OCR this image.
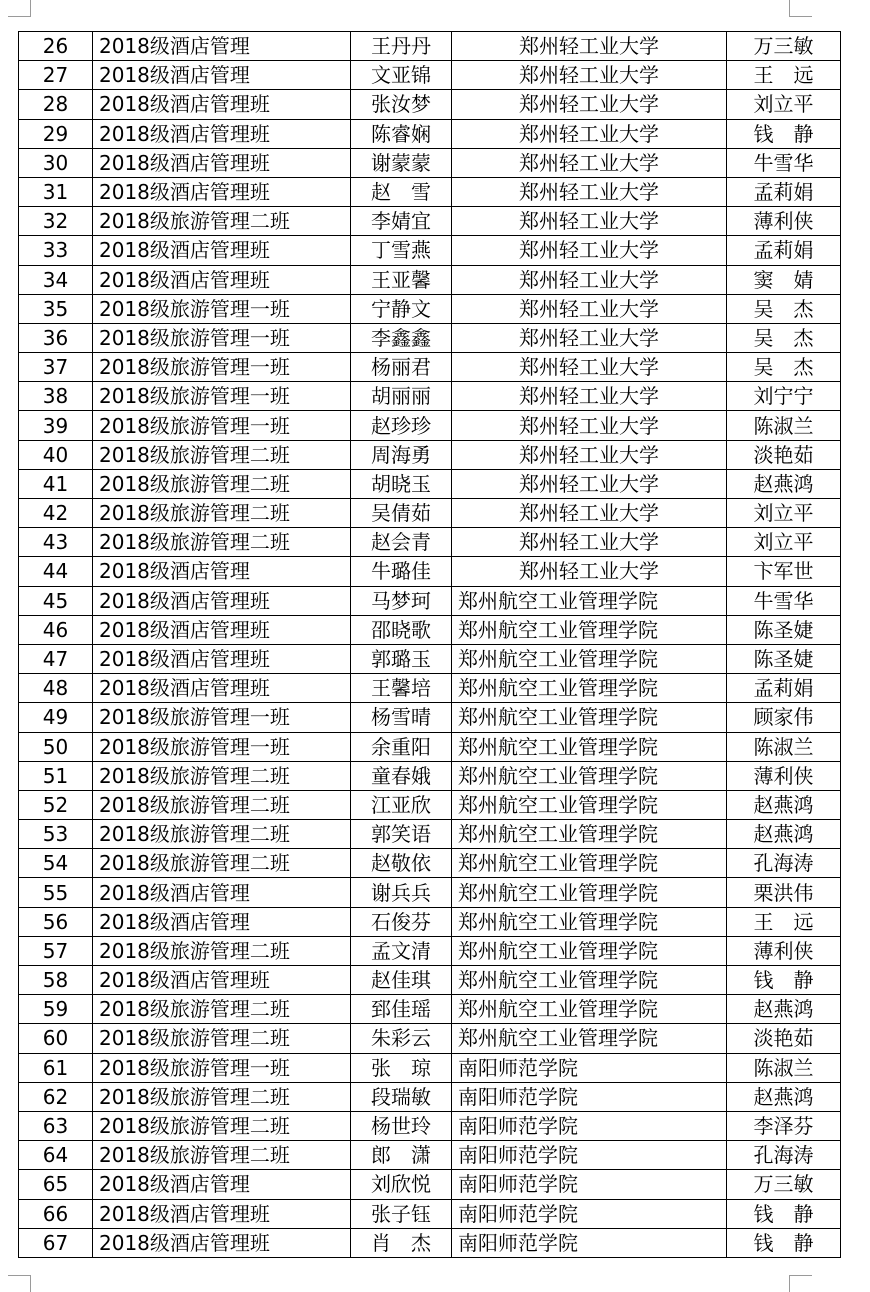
26	2018级酒店管理	王丹丹	郑州轻工业大学	万三敏
27	2018级酒店管理	文亚锦	郑州轻工业大学	王　远
28	2018级酒店管理班	张汝梦	郑州轻工业大学	刘立平
29	2018级酒店管理班	陈睿娴	郑州轻工业大学	钱　静
30	2018级酒店管理班	谢蒙蒙	郑州轻工业大学	牛雪华
31	2018级酒店管理班	赵　雪	郑州轻工业大学	孟莉娟
32	2018级旅游管理二班	李婧宜	郑州轻工业大学	薄利侠
33	2018级酒店管理班	丁雪燕	郑州轻工业大学	孟莉娟
34	2018级酒店管理班	王亚馨	郑州轻工业大学	窦　婧
35	2018级旅游管理一班	宁静文	郑州轻工业大学	吴　杰
36	2018级旅游管理一班	李鑫鑫	郑州轻工业大学	吴　杰
37	2018级旅游管理一班	杨丽君	郑州轻工业大学	吴　杰
38	2018级旅游管理一班	胡丽丽	郑州轻工业大学	刘宁宁
39	2018级旅游管理一班	赵珍珍	郑州轻工业大学	陈淑兰
40	2018级旅游管理二班	周海勇	郑州轻工业大学	淡艳茹
41	2018级旅游管理二班	胡晓玉	郑州轻工业大学	赵燕鸿
42	2018级旅游管理二班	吴倩茹	郑州轻工业大学	刘立平
43	2018级旅游管理二班	赵会青	郑州轻工业大学	刘立平
44	2018级酒店管理	牛璐佳	郑州轻工业大学	卞军世
45	2018级酒店管理班	马梦珂	郑州航空工业管理学院	牛雪华
46	2018级酒店管理班	邵晓歌	郑州航空工业管理学院	陈圣婕
47	2018级酒店管理班	郭璐玉	郑州航空工业管理学院	陈圣婕
48	2018级酒店管理班	王馨培	郑州航空工业管理学院	孟莉娟
49	2018级旅游管理一班	杨雪晴	郑州航空工业管理学院	顾家伟
50	2018级旅游管理一班	余重阳	郑州航空工业管理学院	陈淑兰
51	2018级旅游管理二班	童春娥	郑州航空工业管理学院	薄利侠
52	2018级旅游管理二班	江亚欣	郑州航空工业管理学院	赵燕鸿
53	2018级旅游管理二班	郭笑语	郑州航空工业管理学院	赵燕鸿
54	2018级旅游管理二班	赵敬依	郑州航空工业管理学院	孔海涛
55	2018级酒店管理	谢兵兵	郑州航空工业管理学院	栗洪伟
56	2018级酒店管理	石俊芬	郑州航空工业管理学院	王　远
57	2018级旅游管理二班	孟文清	郑州航空工业管理学院	薄利侠
58	2018级酒店管理班	赵佳琪	郑州航空工业管理学院	钱　静
59	2018级旅游管理二班	郅佳瑶	郑州航空工业管理学院	赵燕鸿
60	2018级旅游管理二班	朱彩云	郑州航空工业管理学院	淡艳茹
61	2018级旅游管理一班	张　琼	南阳师范学院	陈淑兰
62	2018级旅游管理二班	段瑞敏	南阳师范学院	赵燕鸿
63	2018级旅游管理二班	杨世玲	南阳师范学院	李泽芬
64	2018级旅游管理二班	郎　潇	南阳师范学院	孔海涛
65	2018级酒店管理	刘欣悦	南阳师范学院	万三敏
66	2018级酒店管理班	张子钰	南阳师范学院	钱　静
67	2018级酒店管理班	肖　杰	南阳师范学院	钱　静
